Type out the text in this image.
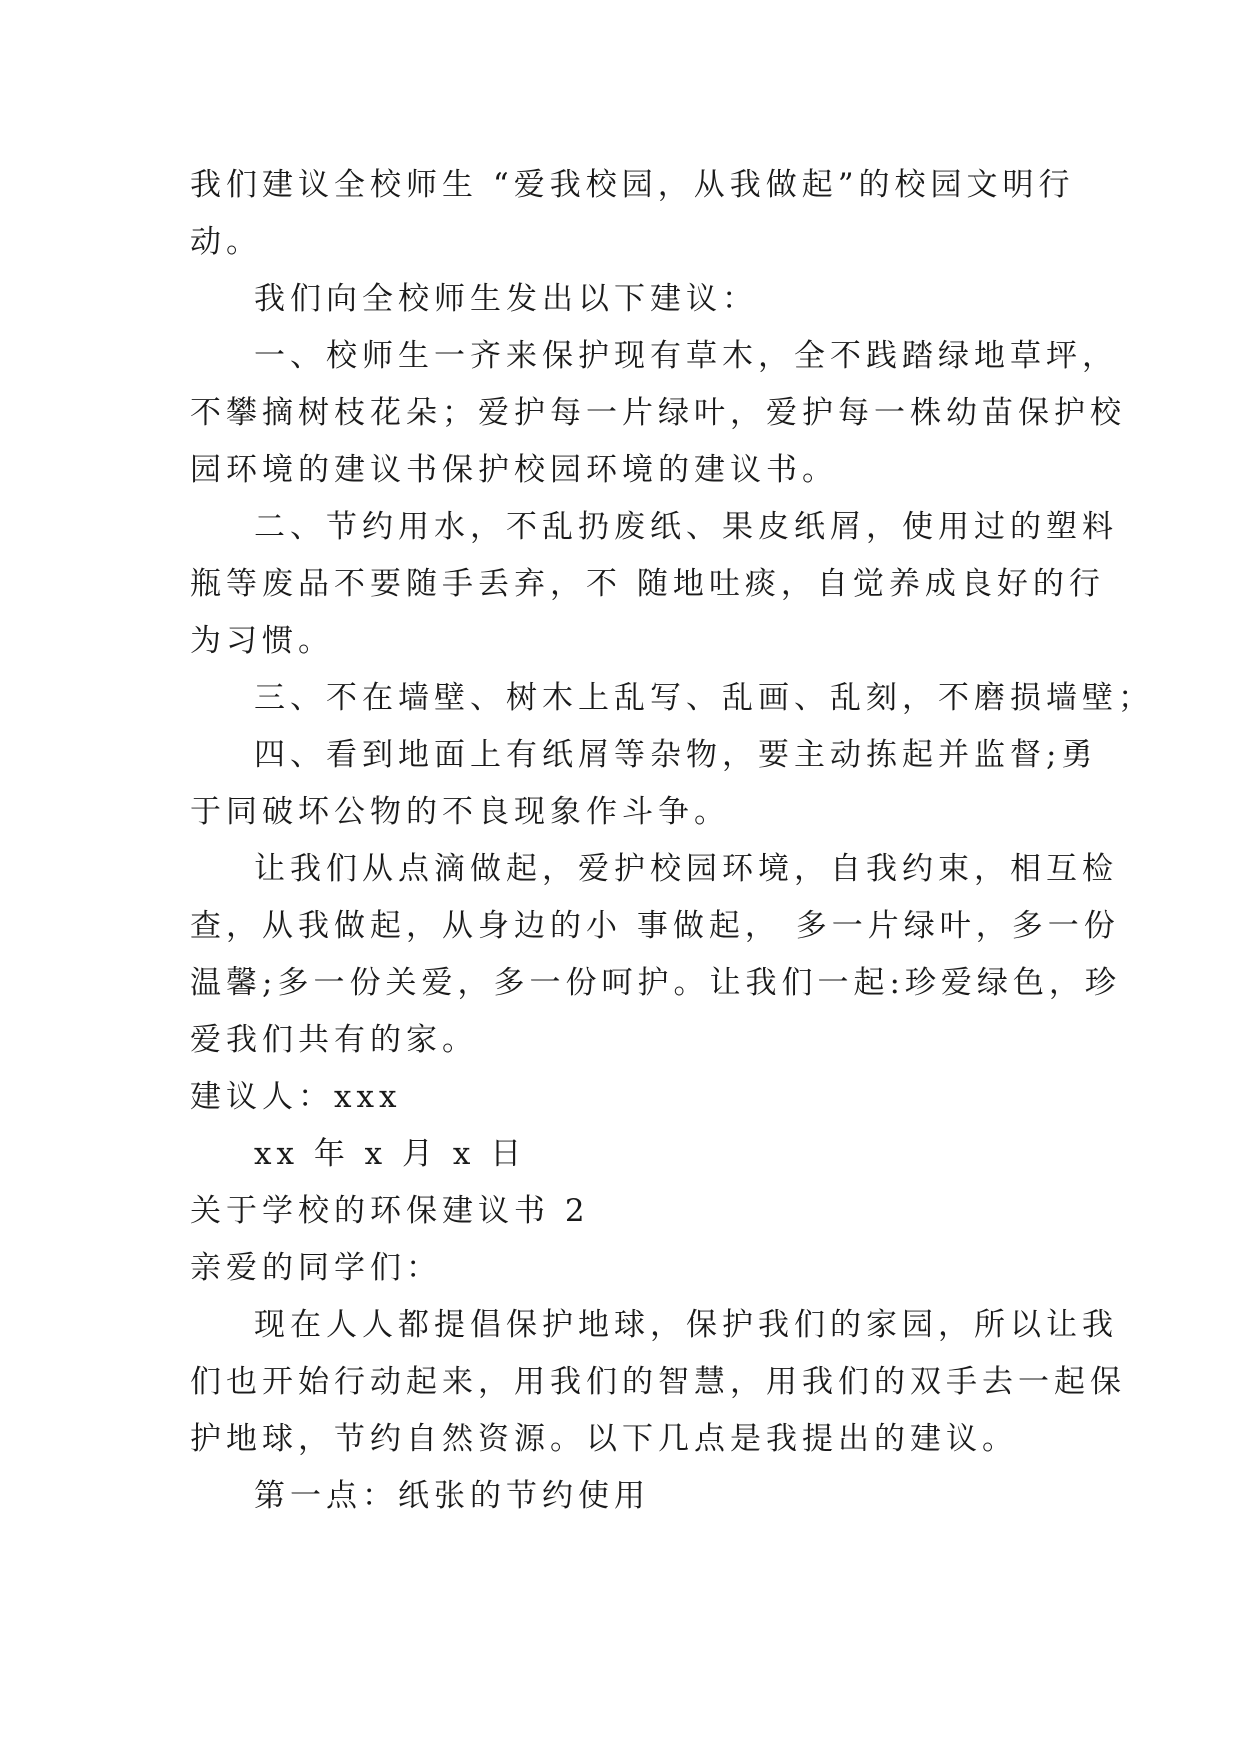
我们建议全校师生 “爱我校园，从我做起”的校园文明行
动。
我们向全校师生发出以下建议：
一、校师生一齐来保护现有草木，全不践踏绿地草坪，
不攀摘树枝花朵；爱护每一片绿叶，爱护每一株幼苗保护校
园环境的建议书保护校园环境的建议书。
二、节约用水，不乱扔废纸、果皮纸屑，使用过的塑料
瓶等废品不要随手丢弃，不 随地吐痰，自觉养成良好的行
为习惯。
三、不在墙壁、树木上乱写、乱画、乱刻，不磨损墙壁；
四、看到地面上有纸屑等杂物，要主动拣起并监督;勇
于同破坏公物的不良现象作斗争。
让我们从点滴做起，爱护校园环境，自我约束，相互检
查，从我做起，从身边的小 事做起， 多一片绿叶，多一份
温馨;多一份关爱，多一份呵护。让我们一起:珍爱绿色，珍
爱我们共有的家。
建议人：xxx
xx 年 x 月 x 日
关于学校的环保建议书 2
亲爱的同学们：
现在人人都提倡保护地球，保护我们的家园，所以让我
们也开始行动起来，用我们的智慧，用我们的双手去一起保
护地球，节约自然资源。以下几点是我提出的建议。
第一点：纸张的节约使用
